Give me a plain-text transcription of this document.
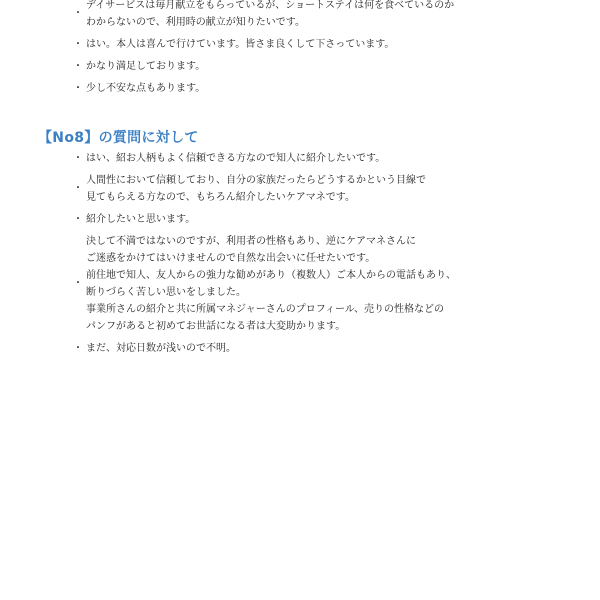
・
デイサービスは毎月献立をもらっているが、ショートステイは何を食べているのか
わからないので、利用時の献立が知りたいです。
・ はい。本人は喜んで行けています。皆さま良くして下さっています。
・ かなり満足しております。
・ 少し不安な点もあります。
【No8】の質問に対して
・ はい、紹お人柄もよく信頼できる方なので知人に紹介したいです。
・
人間性において信頼しており、自分の家族だったらどうするかという目線で
見てもらえる方なので、もちろん紹介したいケアマネです。
・ 紹介したいと思います。
・
決して不満ではないのですが、利用者の性格もあり、逆にケアマネさんに
ご迷惑をかけてはいけませんので自然な出会いに任せたいです。
前住地で知人、友人からの強力な勧めがあり（複数人）ご本人からの電話もあり、
断りづらく苦しい思いをしました。
事業所さんの紹介と共に所属マネジャーさんのプロフィール、売りの性格などの
パンフがあると初めてお世話になる者は大変助かります。
・ まだ、対応日数が浅いので不明。
